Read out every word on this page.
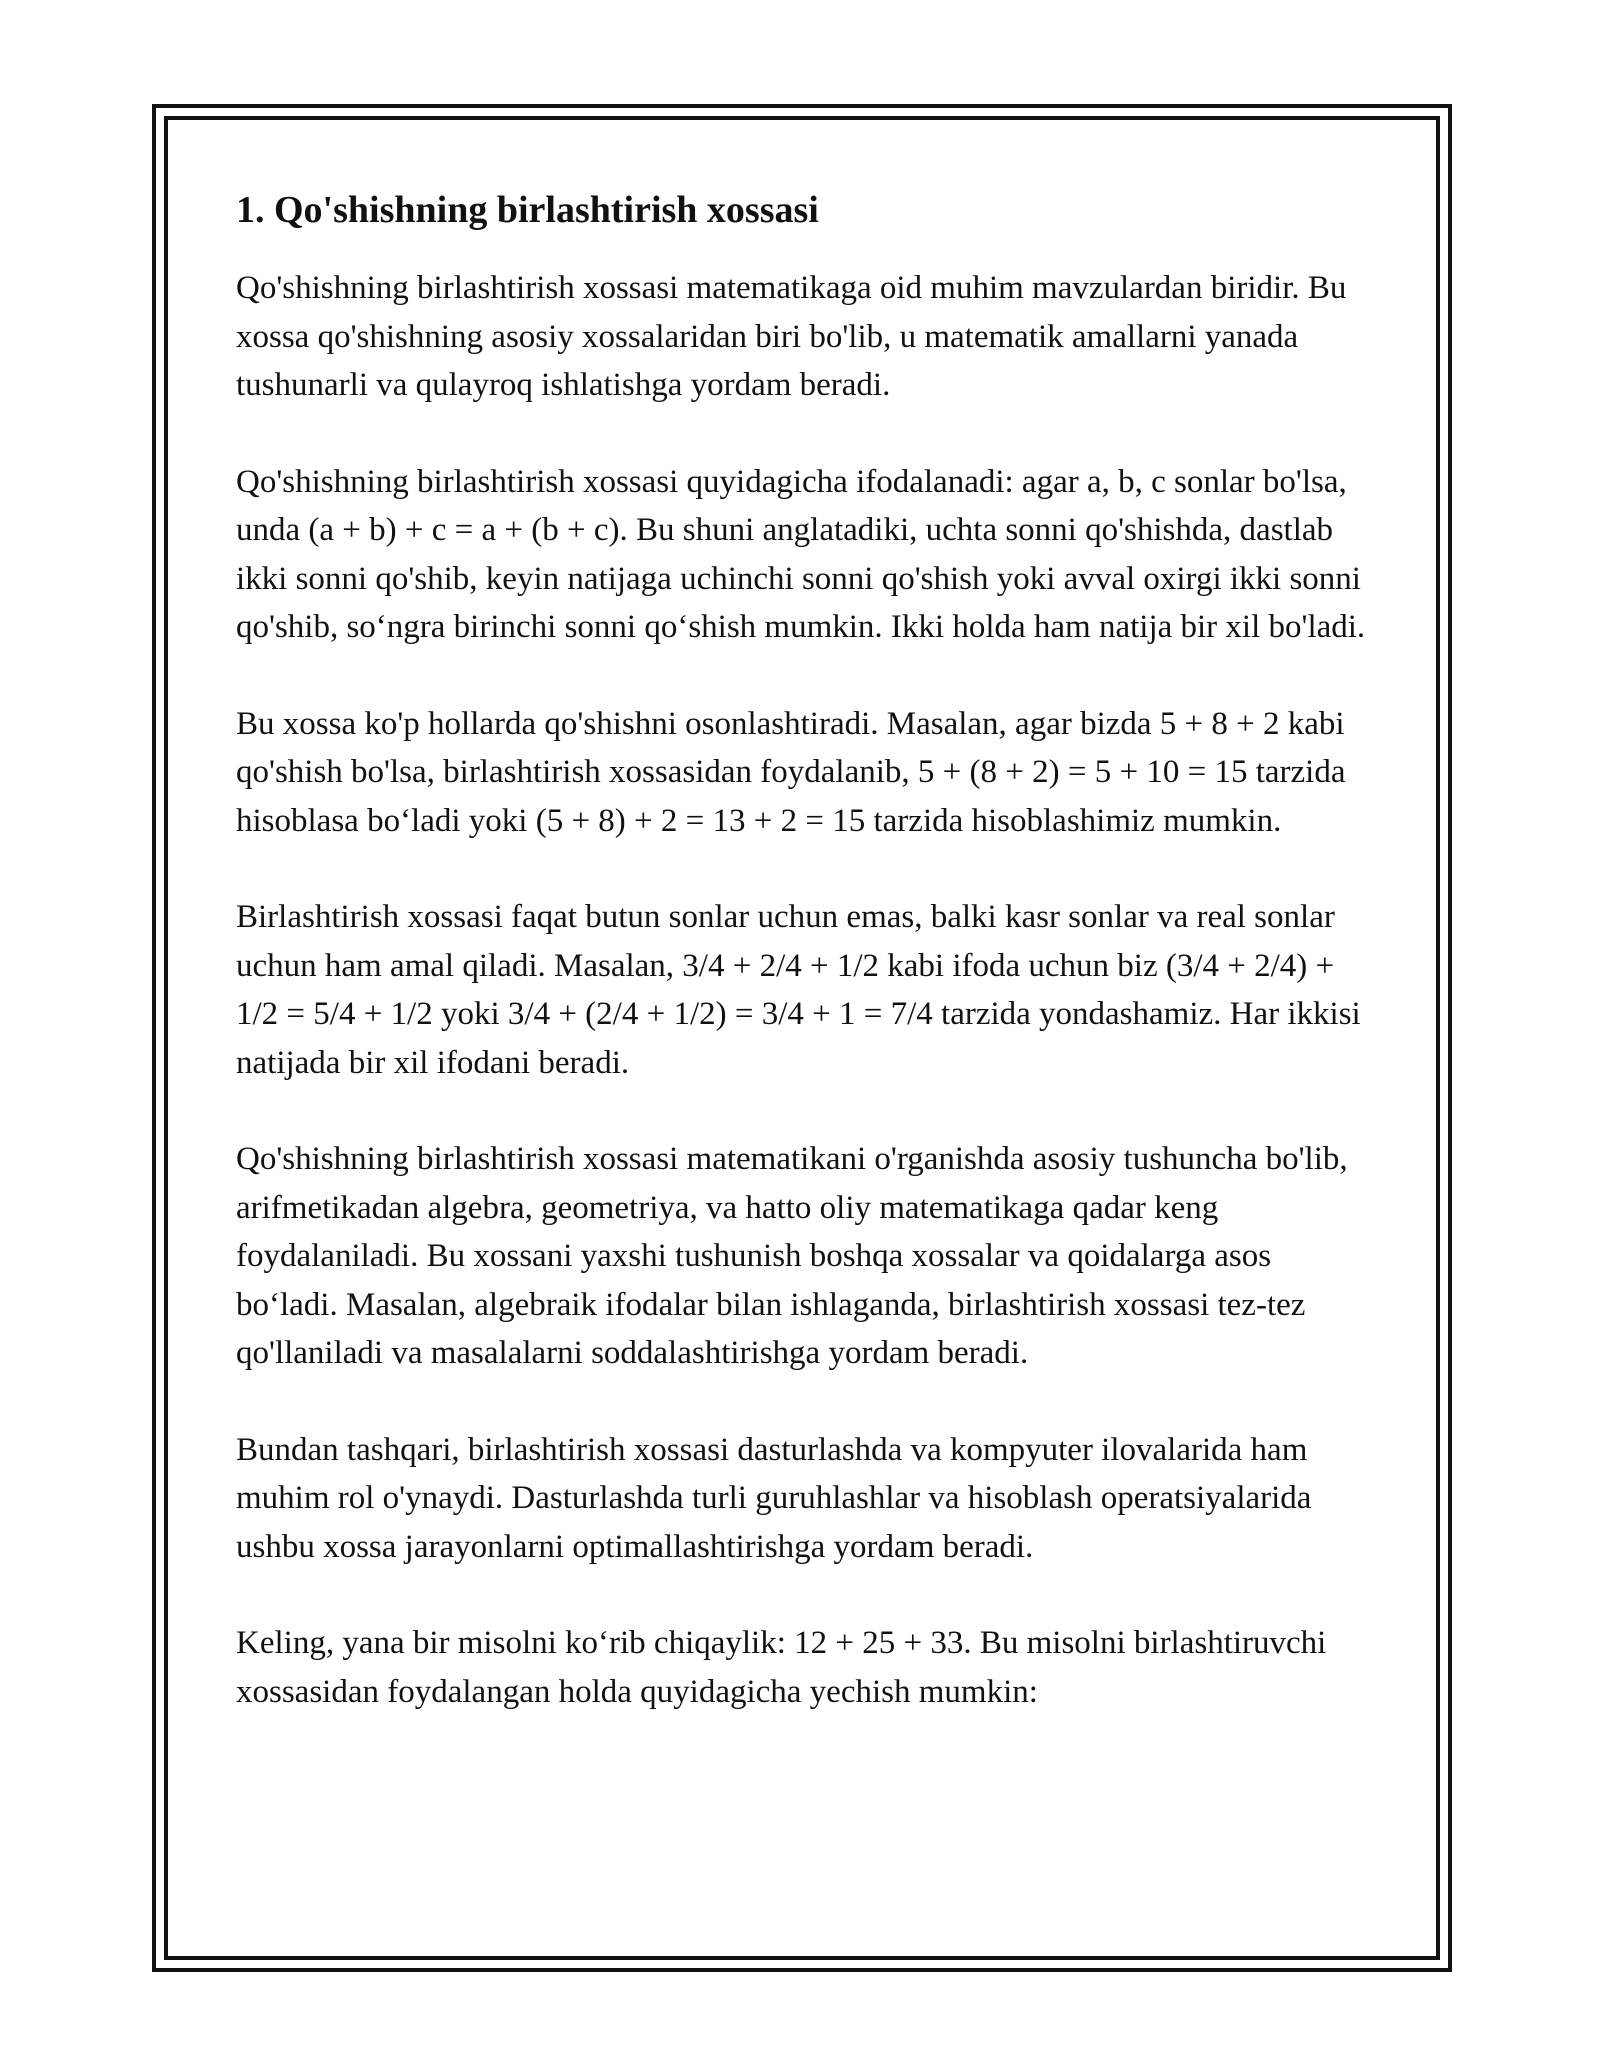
1. Qo'shishning birlashtirish xossasi

Qo'shishning birlashtirish xossasi matematikaga oid muhim mavzulardan biridir. Bu xossa qo'shishning asosiy xossalaridan biri bo'lib, u matematik amallarni yanada tushunarli va qulayroq ishlatishga yordam beradi.

Qo'shishning birlashtirish xossasi quyidagicha ifodalanadi: agar a, b, c sonlar bo'lsa, unda (a + b) + c = a + (b + c). Bu shuni anglatadiki, uchta sonni qo'shishda, dastlab ikki sonni qo'shib, keyin natijaga uchinchi sonni qo'shish yoki avval oxirgi ikki sonni qo'shib, so‘ngra birinchi sonni qo‘shish mumkin. Ikki holda ham natija bir xil bo'ladi.

Bu xossa ko'p hollarda qo'shishni osonlashtiradi. Masalan, agar bizda 5 + 8 + 2 kabi qo'shish bo'lsa, birlashtirish xossasidan foydalanib, 5 + (8 + 2) = 5 + 10 = 15 tarzida hisoblasa bo‘ladi yoki (5 + 8) + 2 = 13 + 2 = 15 tarzida hisoblashimiz mumkin.

Birlashtirish xossasi faqat butun sonlar uchun emas, balki kasr sonlar va real sonlar uchun ham amal qiladi. Masalan, 3/4 + 2/4 + 1/2 kabi ifoda uchun biz (3/4 + 2/4) + 1/2 = 5/4 + 1/2 yoki 3/4 + (2/4 + 1/2) = 3/4 + 1 = 7/4 tarzida yondashamiz. Har ikkisi natijada bir xil ifodani beradi.

Qo'shishning birlashtirish xossasi matematikani o'rganishda asosiy tushuncha bo'lib, arifmetikadan algebra, geometriya, va hatto oliy matematikaga qadar keng foydalaniladi. Bu xossani yaxshi tushunish boshqa xossalar va qoidalarga asos bo‘ladi. Masalan, algebraik ifodalar bilan ishlaganda, birlashtirish xossasi tez-tez qo'llaniladi va masalalarni soddalashtirishga yordam beradi.

Bundan tashqari, birlashtirish xossasi dasturlashda va kompyuter ilovalarida ham muhim rol o'ynaydi. Dasturlashda turli guruhlashlar va hisoblash operatsiyalarida ushbu xossa jarayonlarni optimallashtirishga yordam beradi.

Keling, yana bir misolni ko‘rib chiqaylik: 12 + 25 + 33. Bu misolni birlashtiruvchi xossasidan foydalangan holda quyidagicha yechish mumkin:
